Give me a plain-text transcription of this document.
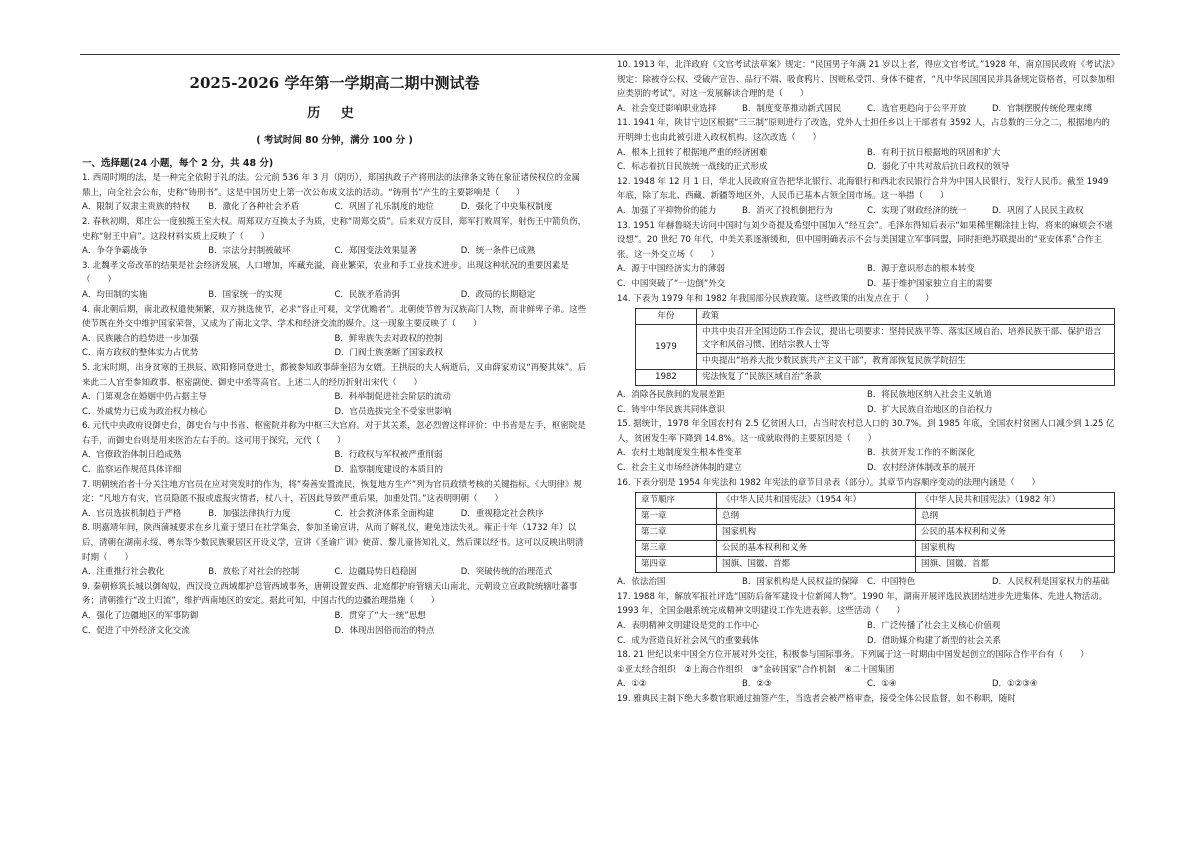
2025-2026 学年第一学期高二期中测试卷
历 史
( 考试时间 80 分钟，满分 100 分 )
一、选择题(24 小题，每个 2 分，共 48 分)

1. 西周时期的法，是一种完全依附于礼的法。公元前 536 年 3 月（阴历），郑国执政子产将刑法的法律条文铸在象征诸侯权位的金属鼎上，向全社会公布，史称“铸刑书”。这是中国历史上第一次公布成文法的活动。“铸刑书”产生的主要影响是（　　）

A．限制了奴隶主贵族的特权	B．激化了各种社会矛盾	C．巩固了礼乐制度的地位	D．强化了中央集权制度

2. 春秋初期，郑庄公一度独揽王室大权。周郑双方互换太子为质，史称“周郑交质”。后来双方反目，郑军打败周军，射伤王中箭负伤，史称“射王中肩”。这段材料实质上反映了（　　）

A．争夺争霸战争	B．宗法分封制被破坏	C．郑国变法效果显著	D．统一条件已成熟

3. 北魏孝文帝改革的结果是社会经济发展，人口增加，库藏充溢，商业繁荣，农业和手工业技术进步。出现这种状况的重要因素是（　　）

A．均田制的实施	B．国家统一的实现	C．民族矛盾消弭	D．政局的长期稳定

4. 南北朝后期，南北政权遣使频繁，双方挑选使节，必求“容止可观，文学优赡者”。北朝使节曾为汉族高门人物，而非鲜卑子弟。这些使节既在外交中维护国家荣誉，又成为了南北文学、学术和经济交流的媒介。这一现象主要反映了（　　）

A．民族融合的趋势进一步加强	B．鲜卑族失去对政权的控制
C．南方政权的整体实力占优势	D．门阀士族垄断了国家政权

5. 北宋时期，出身贫寒的王拱辰、欧阳修同登进士，都被参知政事薛奎招为女婿。王拱辰的夫人病逝后，又由薛家劝议“再娶其妹”。后来此二人官至参知政事、枢密副使、御史中丞等高官。上述二人的经历折射出宋代（　　）

A．门第观念在婚姻中仍占据主导	B．科举制促进社会阶层的流动
C．外戚势力已成为政治权力核心	D．官员选拔完全不受家世影响

6. 元代中央政府设御史台，御史台与中书省、枢密院并称为中枢三大官府。对于其关系，忽必烈曾这样评价：中书省是左手，枢密院是右手，而御史台则是用来医治左右手的。这可用于探究，元代（　　）

A．官僚政治体制日趋成熟	B．行政权与军权被严重削弱
C．监察运作规范具体详细	D．监察制度建设的本质目的

7. 明朝统治者十分关注地方官员在应对突发时的作为，将“奏善安置流民，恢复地方生产”列为官员政绩考核的关键指标。《大明律》规定：“凡地方有灾，官员隐匿不报或虚报灾情者，杖八十，若因此导致严重后果，加重处罚。”这表明明朝（　　）

A．官员选拔机制趋于严格	B．加强法律执行力度	C．社会救济体系全面构建	D．重视稳定社会秩序

8. 明嘉靖年间，陕西蒲城要求在乡儿童于望日在社学集会，参加圣谕宣讲，从而了解礼仪，避免违法失礼。雍正十年（1732 年）以后，清朝在湖南永绥、粤东等少数民族聚居区开设义学，宣讲《圣谕广训》使苗、黎儿童皆知礼义，然后课以经书。这可以反映出明清时期（　　）

A．注重推行社会教化	B．放松了对社会的控制	C．边疆局势日趋稳固	D．突破传统的治理范式

9. 秦朝修筑长城以御匈奴，西汉设立西域都护总管西域事务，唐朝设置安西、北庭都护府管辖天山南北，元朝设立宣政院统辖吐蕃事务；清朝推行“改土归流”，维护西南地区的安定。据此可知，中国古代的边疆治理措施（　　）

A．强化了边疆地区的军事防御	B．贯穿了“大一统”思想
C．促进了中外经济文化交流	D．体现出因俗而治的特点

10. 1913 年，北洋政府《文官考试法草案》规定：“民国男子年满 21 岁以上者，得应文官考试。”1928 年，南京国民政府《考试法》规定：除被夺公权、受破产宣告、品行不端、吸食鸦片、因赃私受罚、身体不健者，“凡中华民国国民并具备规定资格者，可以参加相应类别的考试”。对这一发展解读合理的是（　　）

A．社会变迁影响职业选择	B．制度变革推动新式国民	C．选官更趋向于公平开放	D．官制摆脱传统伦理束缚

11. 1941 年，陕甘宁边区根据“三三制”原则进行了改选，党外人士担任乡以上干部者有 3592 人，占总数的三分之二，根据地内的开明绅士也由此被引进入政权机构。这次改选（　　）

A．根本上扭转了根据地严重的经济困难	B．有利于抗日根据地的巩固和扩大
C．标志着抗日民族统一战线的正式形成	D．弱化了中共对敌后抗日政权的领导

12. 1948 年 12 月 1 日，华北人民政府宣告把华北银行、北海银行和西北农民银行合并为中国人民银行，发行人民币。截至 1949 年底，除了东北、西藏、新疆等地区外，人民币已基本占领全国市场。这一举措（　　）

A．加强了平抑物价的能力	B．消灭了投机倒把行为	C．实现了财政经济的统一	D．巩固了人民民主政权

13. 1951 年赫鲁晓夫访问中国时与刘少奇提及希望中国加入“经互会”。毛泽东得知后表示“如果稀里糊涂挂上钩，将来的麻烦会不堪设想”。20 世纪 70 年代，中美关系逐渐缓和，但中国明确表示不会与美国建立军事同盟，同时拒绝苏联提出的“亚安体系”合作主张。这一外交立场（　　）

A．源于中国经济实力的薄弱	B．源于意识形态的根本转变
C．中国突破了“一边倒”外交	D．基于维护国家独立自主的需要

14. 下表为 1979 年和 1982 年我国部分民族政策。这些政策的出发点在于（　　）

年份	政策
1979	中共中央召开全国边防工作会议，提出七项要求：坚持民族平等、落实区域自治、培养民族干部、保护语言文字和风俗习惯、团结宗教人士等
	中央提出“培养大批少数民族共产主义干部”，教育部恢复民族学院招生
1982	宪法恢复了“民族区域自治”条款
A．消除各民族间的发展差距	B．将民族地区纳入社会主义轨道
C．铸牢中华民族共同体意识	D．扩大民族自治地区的自治权力

15. 据统计，1978 年全国农村有 2.5 亿贫困人口，占当时农村总人口的 30.7%。到 1985 年底，全国农村贫困人口减少到 1.25 亿人，贫困发生率下降到 14.8%。这一成就取得的主要原因是（　　）

A．农村土地制度发生根本性变革	B．扶贫开发工作的不断深化
C．社会主义市场经济体制的建立	D．农村经济体制改革的展开

16. 下表分别是 1954 年宪法和 1982 年宪法的章节目录表（部分）。其章节内容顺序变动的法理内涵是（　　）

章节顺序	《中华人民共和国宪法》（1954 年）	《中华人民共和国宪法》（1982 年）
第一章	总纲	总纲
第二章	国家机构	公民的基本权利和义务
第三章	公民的基本权利和义务	国家机构
第四章	国旗、国徽、首都	国旗、国徽、首都
A．依法治国	B．国家机构是人民权益的保障	C．中国特色	D．人民权利是国家权力的基础

17. 1988 年，解放军报社评选“国防后备军建设十位新闻人物”。1990 年，湖南开展评选民族团结进步先进集体、先进人物活动。1993 年，全国金融系统完成精神文明建设工作先进表彰。这些活动（　　）

A．表明精神文明建设是党的工作中心	B．广泛传播了社会主义核心价值观
C．成为营造良好社会风气的重要载体	D．借助媒介构建了新型的社会关系

18. 21 世纪以来中国全方位开展对外交往，积极参与国际事务。下列属于这一时期由中国发起创立的国际合作平台有（　　）

①亚太经合组织　②上海合作组织　③“金砖国家”合作机制　④二十国集团

A．①②	B．②③	C．①④	D．①②③④

19. 雅典民主制下绝大多数官职通过抽签产生，当选者会被严格审查，接受全体公民监督，如不称职，随时
